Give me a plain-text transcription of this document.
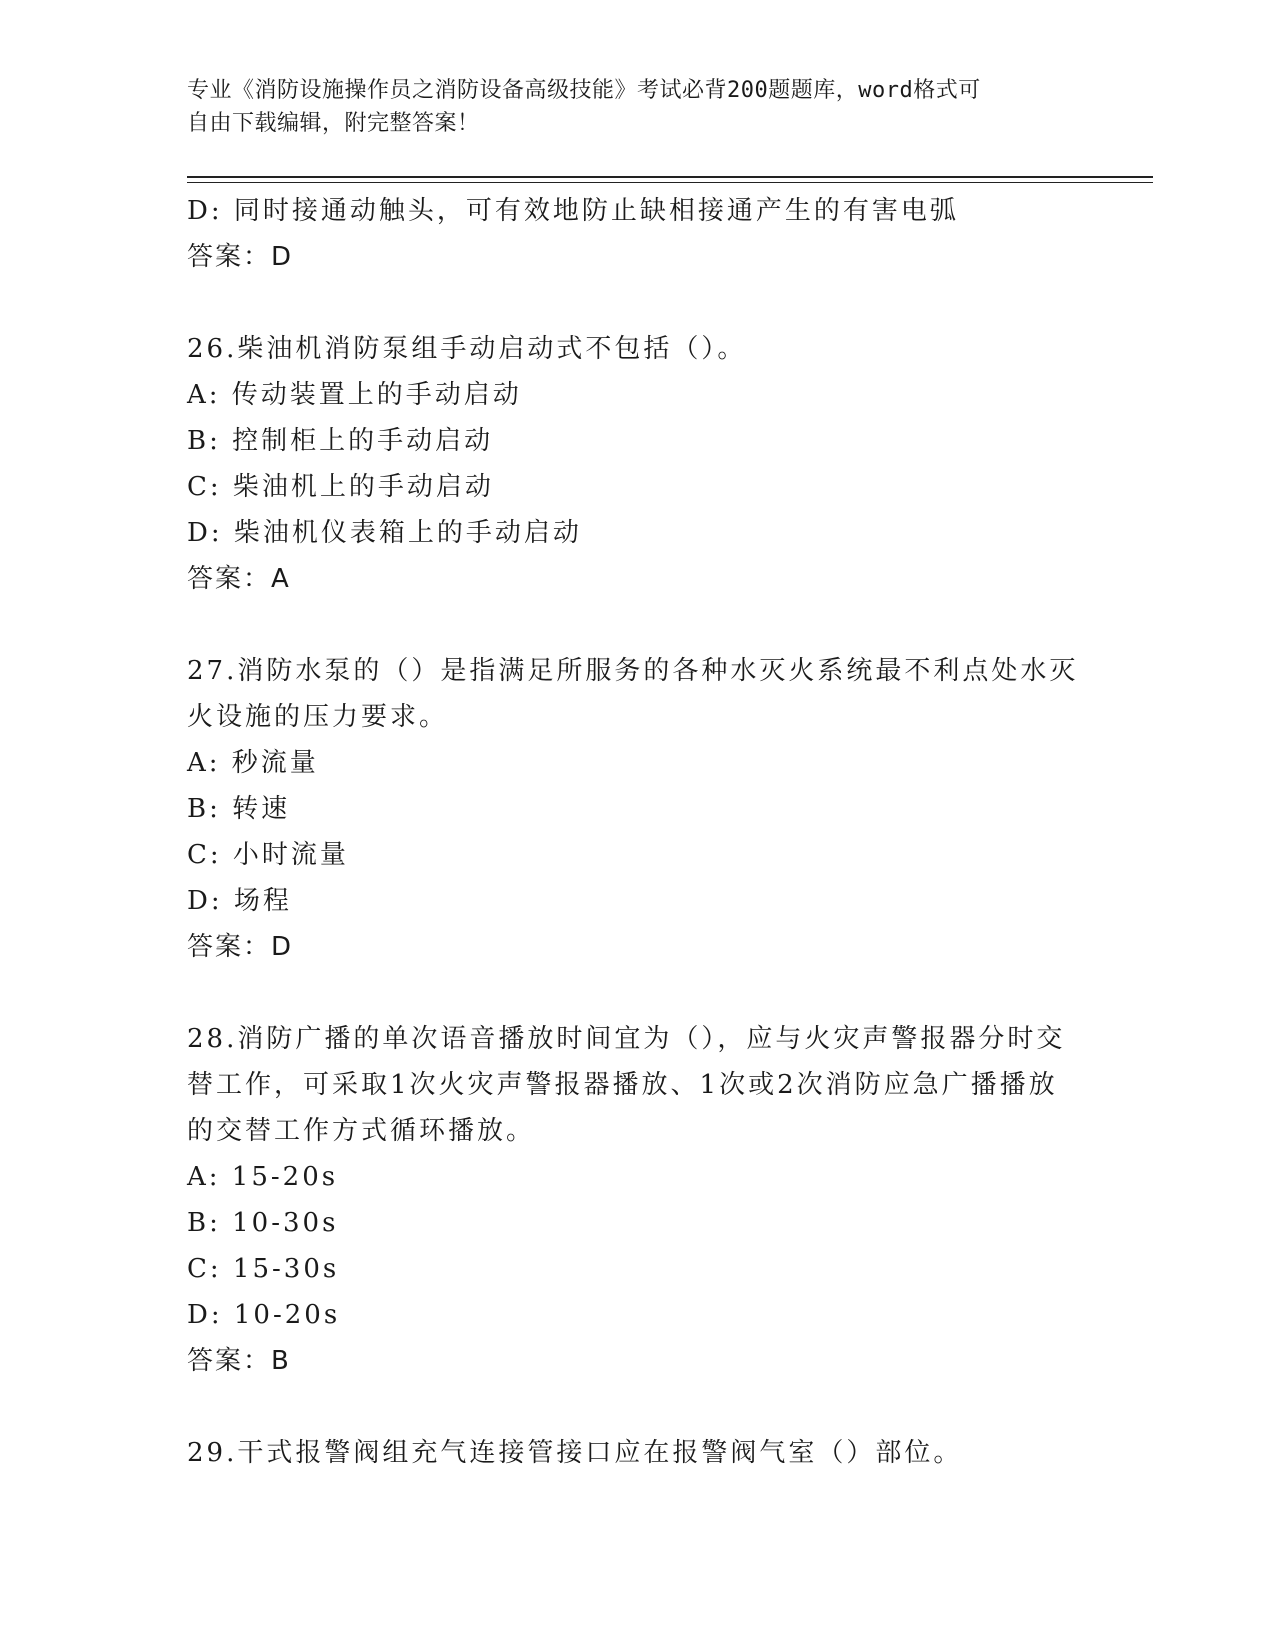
专业《消防设施操作员之消防设备高级技能》考试必背200题题库，word格式可
自由下载编辑，附完整答案！
D: 同时接通动触头，可有效地防止缺相接通产生的有害电弧
答案：D
26.柴油机消防泵组手动启动式不包括（）。
A: 传动装置上的手动启动
B: 控制柜上的手动启动
C: 柴油机上的手动启动
D: 柴油机仪表箱上的手动启动
答案：A
27.消防水泵的（）是指满足所服务的各种水灭火系统最不利点处水灭
火设施的压力要求。
A: 秒流量
B: 转速
C: 小时流量
D: 场程
答案：D
28.消防广播的单次语音播放时间宜为（），应与火灾声警报器分时交
替工作，可采取1次火灾声警报器播放、1次或2次消防应急广播播放
的交替工作方式循环播放。
A: 15-20s
B: 10-30s
C: 15-30s
D: 10-20s
答案：B
29.干式报警阀组充气连接管接口应在报警阀气室（）部位。
